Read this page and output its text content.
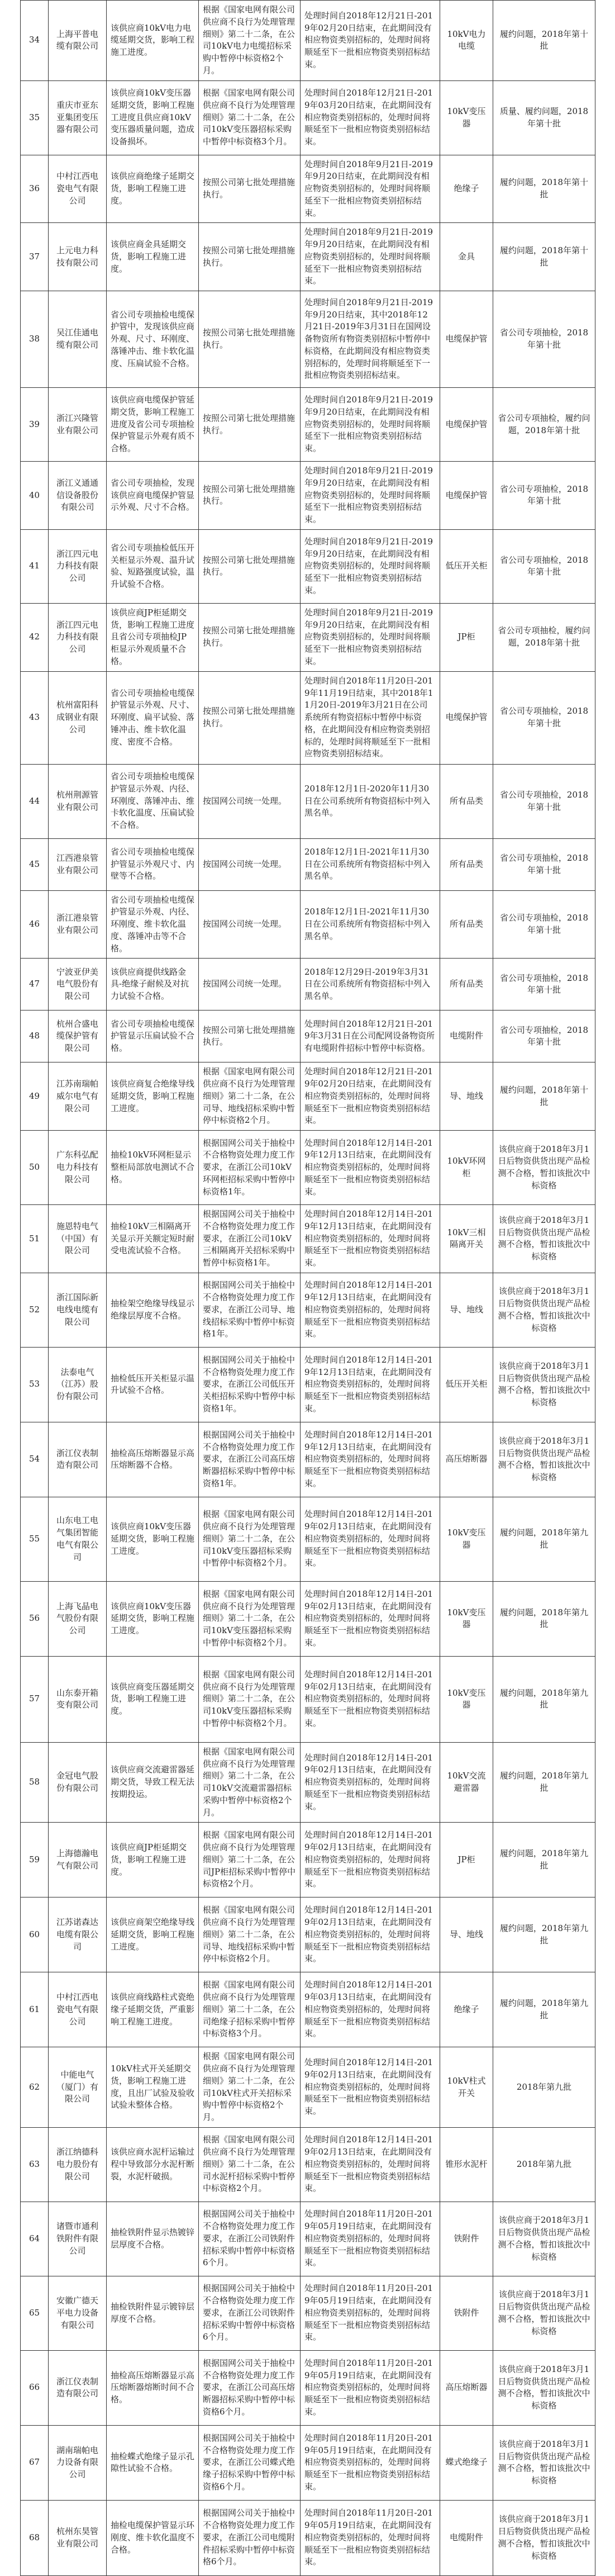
34	上海平普电缆有限公司	该供应商10kV电力电缆延期交货，影响工程施工进度。	根据《国家电网有限公司供应商不良行为处理管理细则》第二十二条，在公司10kV电力电缆招标采购中暂停中标资格2个月。	处理时间自2018年12月21日-2019年02月20日结束，在此期间没有相应物资类别招标的，处理时间将顺延至下一批相应物资类别招标结束。	10kV电力电缆	履约问题，2018年第十批
35	重庆市亚东亚集团变压器有限公司	该供应商10kV变压器延期交货，影响工程施工进度且供应商10kV变压器质量问题，造成设备损坏。	根据《国家电网有限公司供应商不良行为处理管理细则》第二十二条，在公司10kV变压器招标采购中暂停中标资格3个月。	处理时间自2018年12月21日-2019年03月20日结束，在此期间没有相应物资类别招标的，处理时间将顺延至下一批相应物资类别招标结束。	10kV变压器	质量、履约问题，2018年第十批
36	中村江西电瓷电气有限公司	该供应商绝缘子延期交货，影响工程施工进度。	按照公司第七批处理措施执行。	处理时间自2018年9月21日-2019年9月20日结束，在此期间没有相应物资类别招标的，处理时间将顺延至下一批相应物资类别招标结束。	绝缘子	履约问题，2018年第十批
37	上元电力科技有限公司	该供应商金具延期交货，影响工程施工进度。	按照公司第七批处理措施执行。	处理时间自2018年9月21日-2019年9月20日结束，在此期间没有相应物资类别招标的，处理时间将顺延至下一批相应物资类别招标结束。	金具	履约问题，2018年第十批
38	吴江佳通电缆有限公司	省公司专项抽检电缆保护管中，发现该供应商外观、尺寸、环刚度、落锤冲击、维卡软化温度、压扁试验不合格。	按照公司第七批处理措施执行。	处理时间自2018年9月21日-2019年9月20日结束，其中2018年12月21日-2019年3月31日在国网设备物资所有物资类别招标中暂停中标资格，在此期间没有相应物资类别招标的，处理时间将顺延至下一批相应物资类别招标结束。	电缆保护管	省公司专项抽检，2018年第十批
39	浙江兴隆管业有限公司	该供应商电缆保护管延期交货，影响工程施工进度及省公司专项抽检保护管显示外观有质不合格。	按照公司第七批处理措施执行。	处理时间自2018年9月21日-2019年9月20日结束，在此期间没有相应物资类别招标的，处理时间将顺延至下一批相应物资类别招标结束。	电缆保护管	省公司专项抽检，履约问题，2018年第十批
40	浙江义通通信设备股份有限公司	省公司专项抽检，发现该供应商电缆保护管显示外观、尺寸不合格。	按照公司第七批处理措施执行。	处理时间自2018年9月21日-2019年9月20日结束，在此期间没有相应物资类别招标的，处理时间将顺延至下一批相应物资类别招标结束。	电缆保护管	省公司专项抽检，2018年第十批
41	浙江四元电力科技有限公司	省公司专项抽检低压开关柜显示外观、温升试验、短路强度试验，温升试验不合格。	按照公司第七批处理措施执行。	处理时间自2018年9月21日-2019年9月20日结束，在此期间没有相应物资类别招标的，处理时间将顺延至下一批相应物资类别招标结束。	低压开关柜	省公司专项抽检，2018年第十批
42	浙江四元电力科技有限公司	该供应商JP柜延期交货，影响工程施工进度且省公司专项抽检JP柜显示外观质量不合格。	按照公司第七批处理措施执行。	处理时间自2018年9月21日-2019年9月20日结束，在此期间没有相应物资类别招标的，处理时间将顺延至下一批相应物资类别招标结束。	JP柜	省公司专项抽检，履约问题，2018年第十批
43	杭州富阳科成钢业有限公司	省公司专项抽检电缆保护管显示外观、尺寸、环刚度、扁平试验、落锤冲击、维卡软化温度、密度不合格。	按照公司第七批处理措施执行。	处理时间自2018年11月20日-2019年11月19日结束，其中2018年11月20日-2019年3月21日在公司系统所有物资招标中暂停中标资格，在此期间没有相应物资类别招标的，处理时间将顺延至下一批相应物资类别招标结束。	电缆保护管	省公司专项抽检，2018年第十批
44	杭州荆源管业有限公司	省公司专项抽检电缆保护管显示外观、内径、环刚度、落锤冲击、维卡软化温度、压扁试验不合格。	按国网公司统一处理。	2018年12月1日-2020年11月30日在公司系统所有物资招标中列入黑名单。	所有品类	省公司专项抽检，2018年第十批
45	江西港泉管业有限公司	省公司专项抽检电缆保护管显示外观尺寸、内壁等不合格。	按国网公司统一处理。	2018年12月1日-2021年11月30日在公司系统所有物资招标中列入黑名单。	所有品类	省公司专项抽检，2018年第十批
46	浙江港泉管业有限公司	省公司专项抽检电缆保护管显示外观、内径、环刚度、维卡软化温度、落锤冲击等不合格。	按国网公司统一处理。	2018年12月1日-2021年11月30日在公司系统所有物资招标中列入黑名单。	所有品类	省公司专项抽检，2018年第十批
47	宁波亚伊美电气股份有限公司	该供应商提供线路金具-绝缘子耐候及对抗力试验不合格。	按国网公司统一处理。	2018年12月29日-2019年3月31日在公司系统所有物资招标中列入黑名单。	所有品类	省公司专项抽检，2018年第十批
48	杭州合盛电缆保护管有限公司	省公司专项抽检电缆保护管显示压扁试验不合格。	按照公司第七批处理措施执行。	处理时间自2018年12月21日-2019年3月31日在公司配网设备物资所有电缆附件招标中暂停中标资格。	电缆附件	省公司专项抽检，2018年第十批
49	江苏南瑞帕威尔电气有限公司	该供应商复合绝缘导线延期交货，影响工程施工进度。	根据《国家电网有限公司供应商不良行为处理管理细则》第二十二条，在公司导、地线招标采购中暂停中标资格2个月。	处理时间自2018年12月21日-2019年02月20日结束，在此期间没有相应物资类别招标的，处理时间将顺延至下一批相应物资类别招标结束。	导、地线	履约问题，2018年第十批
50	广东科弘配电力科技有限公司	抽检10kV环网柜显示整柜局部放电测试不合格。	根据国网公司关于抽检中不合格物资处理力度工作要求，在浙江公司10kV环网柜招标采购中暂停中标资格1年。	处理时间自2018年12月14日-2019年12月13日结束，在此期间没有相应物资类别招标的，处理时间将顺延至下一批相应物资类别招标结束。	10kV环网柜	该供应商于2018年3月1日后物资供货出现产品检测不合格，暂扣该批次中标资格
51	施恩特电气（中国）有限公司	抽检10kV三相隔离开关显示开关额定短时耐受电流试验不合格。	根据国网公司关于抽检中不合格物资处理力度工作要求，在浙江公司10kV三相隔离开关招标采购中暂停中标资格1年。	处理时间自2018年12月14日-2019年12月13日结束，在此期间没有相应物资类别招标的，处理时间将顺延至下一批相应物资类别招标结束。	10kV三相隔离开关	该供应商于2018年3月1日后物资供货出现产品检测不合格，暂扣该批次中标资格
52	浙江国际新电线电缆有限公司	抽检架空绝缘导线显示绝缘层厚度不合格。	根据国网公司关于抽检中不合格物资处理力度工作要求，在浙江公司导、地线招标采购中暂停中标资格1年。	处理时间自2018年12月14日-2019年12月13日结束，在此期间没有相应物资类别招标的，处理时间将顺延至下一批相应物资类别招标结束。	导、地线	该供应商于2018年3月1日后物资供货出现产品检测不合格，暂扣该批次中标资格
53	法泰电气（江苏）股份有限公司	抽检低压开关柜显示温升试验不合格。	根据国网公司关于抽检中不合格物资处理力度工作要求，在浙江公司低压开关柜招标采购中暂停中标资格1年。	处理时间自2018年12月14日-2019年12月13日结束，在此期间没有相应物资类别招标的，处理时间将顺延至下一批相应物资类别招标结束。	低压开关柜	该供应商于2018年3月1日后物资供货出现产品检测不合格，暂扣该批次中标资格
54	浙江仪表制造有限公司	抽检高压熔断器显示高压熔断器不合格。	根据国网公司关于抽检中不合格物资处理力度工作要求，在浙江公司高压熔断器招标采购中暂停中标资格1年。	处理时间自2018年12月14日-2019年12月13日结束，在此期间没有相应物资类别招标的，处理时间将顺延至下一批相应物资类别招标结束。	高压熔断器	该供应商于2018年3月1日后物资供货出现产品检测不合格，暂扣该批次中标资格
55	山东电工电气集团智能电气有限公司	该供应商10kV变压器延期交货，影响工程施工进度。	根据《国家电网有限公司供应商不良行为处理管理细则》第二十二条，在公司10kV变压器招标采购中暂停中标资格2个月。	处理时间自2018年12月14日-2019年02月13日结束，在此期间没有相应物资类别招标的，处理时间将顺延至下一批相应物资类别招标结束。	10kV变压器	履约问题，2018年第九批
56	上海飞晶电气股份有限公司	该供应商10kV变压器延期交货，影响工程施工进度。	根据《国家电网有限公司供应商不良行为处理管理细则》第二十二条，在公司10kV变压器招标采购中暂停中标资格2个月。	处理时间自2018年12月14日-2019年02月13日结束，在此期间没有相应物资类别招标的，处理时间将顺延至下一批相应物资类别招标结束。	10kV变压器	履约问题，2018年第九批
57	山东泰开箱变有限公司	该供应商变压器延期交货，影响工程施工进度。	根据《国家电网有限公司供应商不良行为处理管理细则》第二十二条，在公司10kV变压器招标采购中暂停中标资格2个月。	处理时间自2018年12月14日-2019年02月13日结束，在此期间没有相应物资类别招标的，处理时间将顺延至下一批相应物资类别招标结束。	10kV变压器	履约问题，2018年第九批
58	金冠电气股份有限公司	该供应商交流避雷器延期交货，导致工程无法按期投运。	根据《国家电网有限公司供应商不良行为处理管理细则》第二十二条，在公司10kV交流避雷器招标采购中暂停中标资格2个月。	处理时间自2018年12月14日-2019年02月13日结束，在此期间没有相应物资类别招标的，处理时间将顺延至下一批相应物资类别招标结束。	10kV交流避雷器	履约问题，2018年第九批
59	上海德瀚电气有限公司	该供应商JP柜延期交货，影响工程施工进度。	根据《国家电网有限公司供应商不良行为处理管理细则》第二十二条，在公司JP柜招标采购中暂停中标资格2个月。	处理时间自2018年12月14日-2019年02月13日结束，在此期间没有相应物资类别招标的，处理时间将顺延至下一批相应物资类别招标结束。	JP柜	履约问题，2018年第九批
60	江苏诺森达电缆有限公司	该供应商架空绝缘导线延期交货，影响工程施工进度。	根据《国家电网有限公司供应商不良行为处理管理细则》第二十二条，在公司导、地线招标采购中暂停中标资格2个月。	处理时间自2018年12月14日-2019年02月13日结束，在此期间没有相应物资类别招标的，处理时间将顺延至下一批相应物资类别招标结束。	导、地线	履约问题，2018年第九批
61	中村江西电瓷电气有限公司	该供应商线路柱式瓷绝缘子延期交货，严重影响工程施工进度。	根据《国家电网有限公司供应商不良行为处理管理细则》第二十二条，在公司绝缘子招标采购中暂停中标资格3个月。	处理时间自2018年12月14日-2019年03月13日结束，在此期间没有相应物资类别招标的，处理时间将顺延至下一批相应物资类别招标结束。	绝缘子	履约问题，2018年第九批
62	中能电气（厦门）有限公司	10kV柱式开关延期交货，影响工程施工进度，且出厂试验及验收试验未整体合格。	根据《国家电网有限公司供应商不良行为处理管理细则》第二十二条，在公司10kV柱式开关招标采购中暂停中标资格2个月。	处理时间自2018年12月14日-2019年02月13日结束，在此期间没有相应物资类别招标的，处理时间将顺延至下一批相应物资类别招标结束。	10kV柱式开关	2018年第九批
63	浙江纳德科电力股份有限公司	该供应商水泥杆运输过程中导致部分水泥杆断裂，水泥杆破损。	根据《国家电网有限公司供应商不良行为处理管理细则》第二十二条，在公司水泥杆招标采购中暂停中标资格2个月。	处理时间自2018年12月14日-2019年02月13日结束，在此期间没有相应物资类别招标的，处理时间将顺延至下一批相应物资类别招标结束。	锥形水泥杆	2018年第九批
64	诸暨市通利铁附件有限公司	抽检铁附件显示热镀锌层厚度不合格。	根据国网公司关于抽检中不合格物资处理力度工作要求，在浙江公司铁附件招标采购中暂停中标资格6个月。	处理时间自2018年11月20日-2019年05月19日结束，在此期间没有相应物资类别招标的，处理时间将顺延至下一批相应物资类别招标结束。	铁附件	该供应商于2018年3月1日后物资供货出现产品检测不合格，暂扣该批次中标资格
65	安徽广德天平电力设备有限公司	抽检铁附件显示镀锌层厚度不合格。	根据国网公司关于抽检中不合格物资处理力度工作要求，在浙江公司铁附件招标采购中暂停中标资格6个月。	处理时间自2018年11月20日-2019年05月19日结束，在此期间没有相应物资类别招标的，处理时间将顺延至下一批相应物资类别招标结束。	铁附件	该供应商于2018年3月1日后物资供货出现产品检测不合格，暂扣该批次中标资格
66	浙江仪表制造有限公司	抽检高压熔断器显示高压熔断器熔断时间不合格。	根据国网公司关于抽检中不合格物资处理力度工作要求，在浙江公司高压熔断器招标采购中暂停中标资格6个月。	处理时间自2018年11月20日-2019年05月19日结束，在此期间没有相应物资类别招标的，处理时间将顺延至下一批相应物资类别招标结束。	高压熔断器	该供应商于2018年3月1日后物资供货出现产品检测不合格，暂扣该批次中标资格
67	湖南瑞帕电力设备有限公司	抽检蝶式绝缘子显示孔隙性试验不合格。	根据国网公司关于抽检中不合格物资处理力度工作要求，在浙江公司蝶式绝缘子招标采购中暂停中标资格6个月。	处理时间自2018年11月20日-2019年05月19日结束，在此期间没有相应物资类别招标的，处理时间将顺延至下一批相应物资类别招标结束。	蝶式绝缘子	该供应商于2018年3月1日后物资供货出现产品检测不合格，暂扣该批次中标资格
68	杭州东昊管业有限公司	抽检电缆保护管显示环刚度、维卡软化温度不合格。	根据国网公司关于抽检中不合格物资处理力度工作要求，在浙江公司电缆附件招标采购中暂停中标资格6个月。	处理时间自2018年11月20日-2019年05月19日结束，在此期间没有相应物资类别招标的，处理时间将顺延至下一批相应物资类别招标结束。	电缆附件	该供应商于2018年3月1日后物资供货出现产品检测不合格，暂扣该批次中标资格
